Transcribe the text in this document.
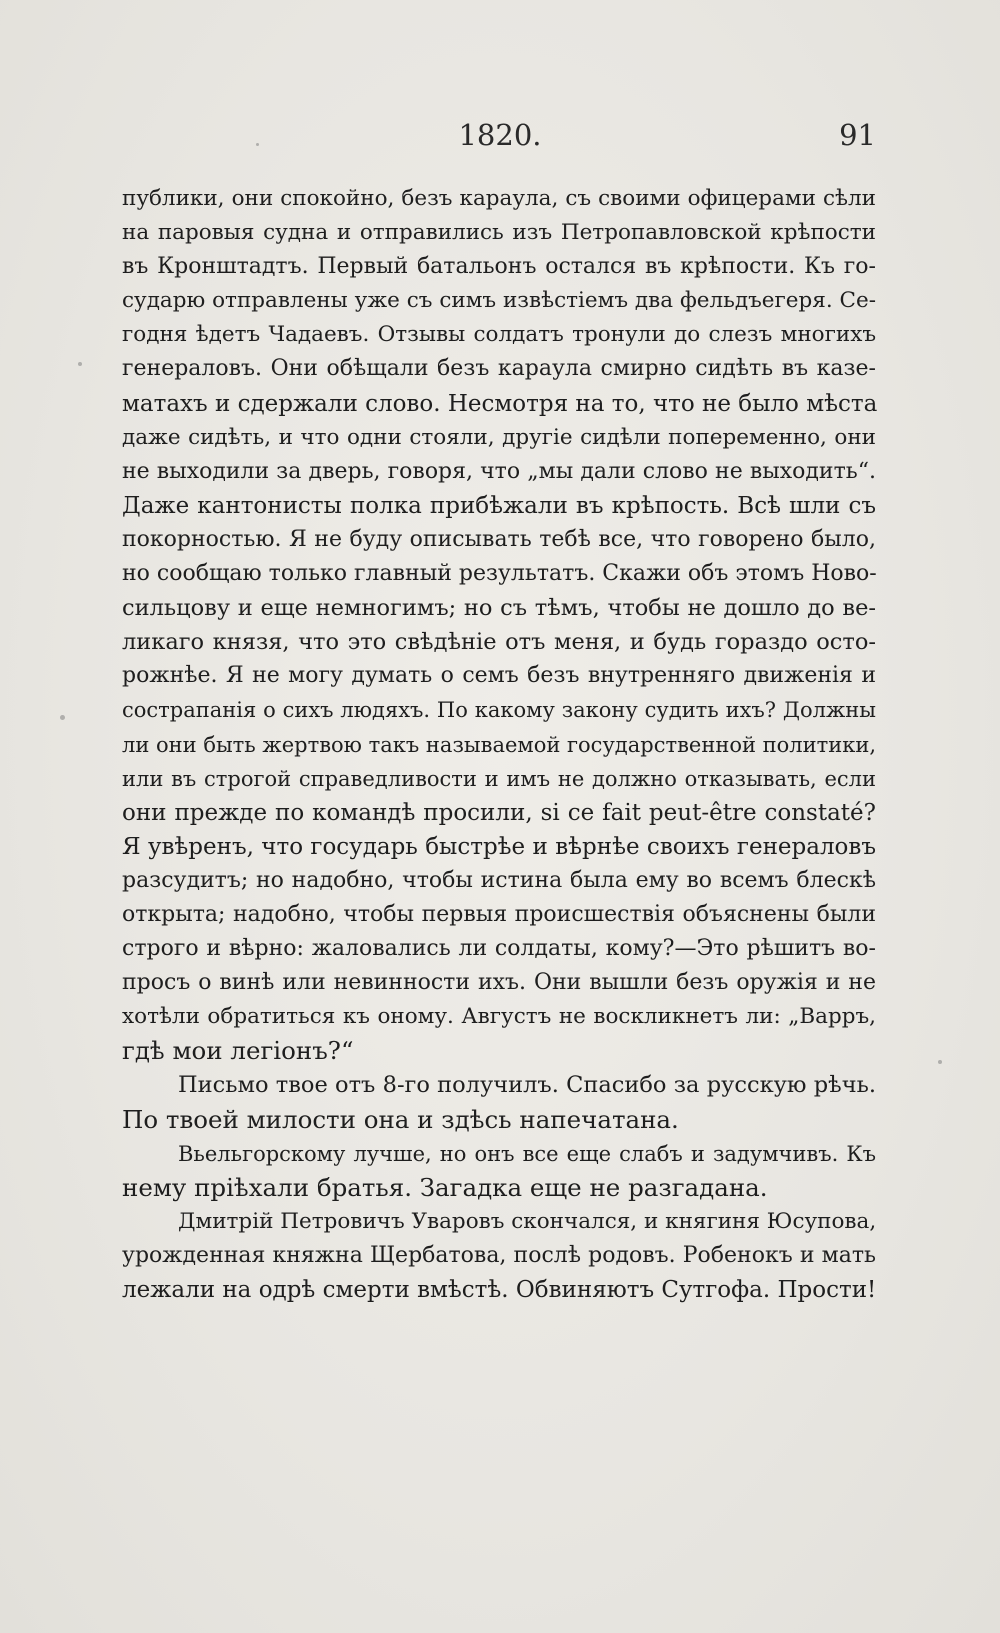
1820.	91
публики, они спокойно, безъ караула, съ своими офицерами сѣли
на паровыя судна и отправились изъ Петропавловской крѣпости
въ Кронштадтъ. Первый батальонъ остался въ крѣпости. Къ го-
сударю отправлены уже съ симъ извѣстіемъ два фельдъегеря. Се-
годня ѣдетъ Чадаевъ. Отзывы солдатъ тронули до слезъ многихъ
генераловъ. Они обѣщали безъ караула смирно сидѣть въ казе-
матахъ и сдержали слово. Несмотря на то, что не было мѣста
даже сидѣть, и что одни стояли, другіе сидѣли попеременно, они
не выходили за дверь, говоря, что „мы дали слово не выходить“.
Даже кантонисты полка прибѣжали въ крѣпость. Всѣ шли съ
покорностью. Я не буду описывать тебѣ все, что говорено было,
но сообщаю только главный результатъ. Скажи объ этомъ Ново-
сильцову и еще немногимъ; но съ тѣмъ, чтобы не дошло до ве-
ликаго князя, что это свѣдѣніе отъ меня, и будь гораздо осто-
рожнѣе. Я не могу думать о семъ безъ внутренняго движенія и
сострапанія о сихъ людяхъ. По какому закону судить ихъ? Должны
ли они быть жертвою такъ называемой государственной политики,
или въ строгой справедливости и имъ не должно отказывать, если
они прежде по командѣ просили, si ce fait peut-être constaté?
Я увѣренъ, что государь быстрѣе и вѣрнѣе своихъ генераловъ
разсудитъ; но надобно, чтобы истина была ему во всемъ блескѣ
открыта; надобно, чтобы первыя происшествія объяснены были
строго и вѣрно: жаловались ли солдаты, кому?—Это рѣшитъ во-
просъ о винѣ или невинности ихъ. Они вышли безъ оружія и не
хотѣли обратиться къ оному. Августъ не воскликнетъ ли: „Варръ,
гдѣ мои легіонъ?“
Письмо твое отъ 8-го получилъ. Спасибо за русскую рѣчь.
По твоей милости она и здѣсь напечатана.
Вьельгорскому лучше, но онъ все еще слабъ и задумчивъ. Къ
нему пріѣхали братья. Загадка еще не разгадана.
Дмитрій Петровичъ Уваровъ скончался, и княгиня Юсупова,
урожденная княжна Щербатова, послѣ родовъ. Робенокъ и мать
лежали на одрѣ смерти вмѣстѣ. Обвиняютъ Сутгофа. Прости!
